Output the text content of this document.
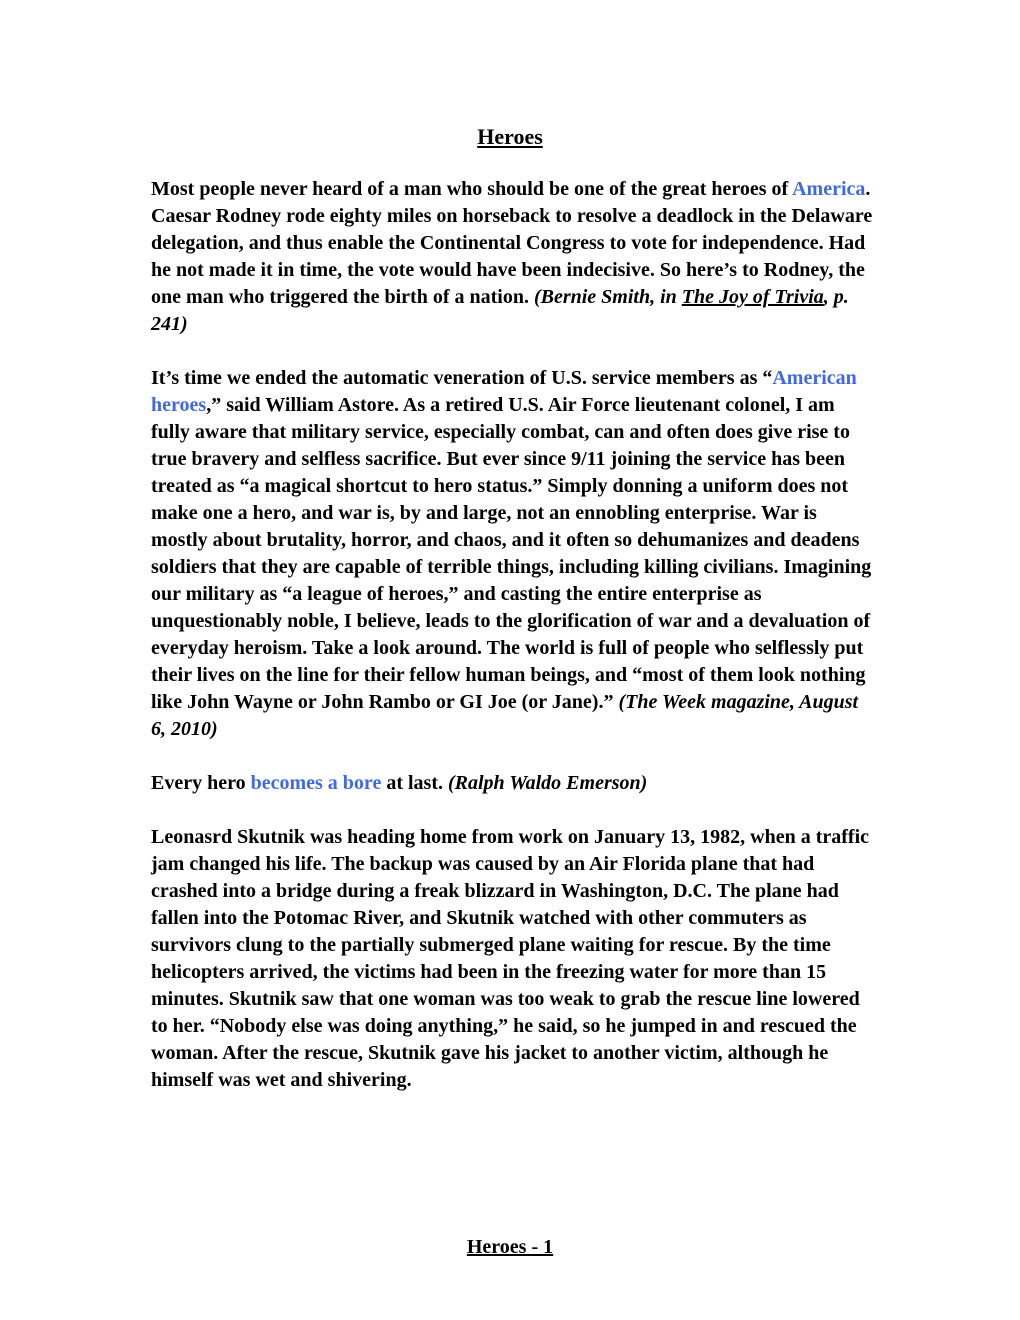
Heroes

Most people never heard of a man who should be one of the great heroes of America. Caesar Rodney rode eighty miles on horseback to resolve a deadlock in the Delaware delegation, and thus enable the Continental Congress to vote for independence. Had he not made it in time, the vote would have been indecisive. So here’s to Rodney, the one man who triggered the birth of a nation. (Bernie Smith, in The Joy of Trivia, p. 241)

It’s time we ended the automatic veneration of U.S. service members as “American heroes,” said William Astore. As a retired U.S. Air Force lieutenant colonel, I am fully aware that military service, especially combat, can and often does give rise to true bravery and selfless sacrifice. But ever since 9/11 joining the service has been treated as “a magical shortcut to hero status.” Simply donning a uniform does not make one a hero, and war is, by and large, not an ennobling enterprise. War is mostly about brutality, horror, and chaos, and it often so dehumanizes and deadens soldiers that they are capable of terrible things, including killing civilians. Imagining our military as “a league of heroes,” and casting the entire enterprise as unquestionably noble, I believe, leads to the glorification of war and a devaluation of everyday heroism. Take a look around. The world is full of people who selflessly put their lives on the line for their fellow human beings, and “most of them look nothing like John Wayne or John Rambo or GI Joe (or Jane).” (The Week magazine, August 6, 2010)

Every hero becomes a bore at last. (Ralph Waldo Emerson)

Leonasrd Skutnik was heading home from work on January 13, 1982, when a traffic jam changed his life. The backup was caused by an Air Florida plane that had crashed into a bridge during a freak blizzard in Washington, D.C. The plane had fallen into the Potomac River, and Skutnik watched with other commuters as survivors clung to the partially submerged plane waiting for rescue. By the time helicopters arrived, the victims had been in the freezing water for more than 15 minutes. Skutnik saw that one woman was too weak to grab the rescue line lowered to her. “Nobody else was doing anything,” he said, so he jumped in and rescued the woman. After the rescue, Skutnik gave his jacket to another victim, although he himself was wet and shivering.

Heroes - 1
